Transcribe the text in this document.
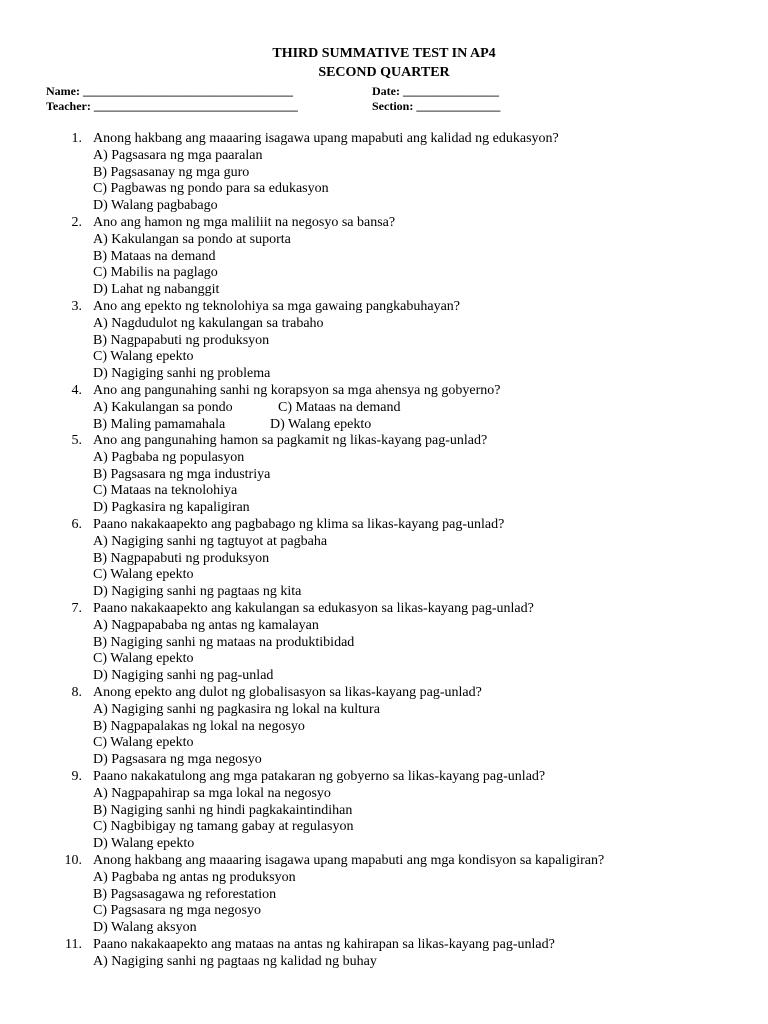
THIRD SUMMATIVE TEST IN AP4
SECOND QUARTER
Name: ___________________________________	Date: ________________
Teacher: __________________________________	Section: ______________
1. Anong hakbang ang maaaring isagawa upang mapabuti ang kalidad ng edukasyon?
A) Pagsasara ng mga paaralan
B) Pagsasanay ng mga guro
C) Pagbawas ng pondo para sa edukasyon
D) Walang pagbabago
2. Ano ang hamon ng mga maliliit na negosyo sa bansa?
A) Kakulangan sa pondo at suporta
B) Mataas na demand
C) Mabilis na paglago
D) Lahat ng nabanggit
3. Ano ang epekto ng teknolohiya sa mga gawaing pangkabuhayan?
A) Nagdudulot ng kakulangan sa trabaho
B) Nagpapabuti ng produksyon
C) Walang epekto
D) Nagiging sanhi ng problema
4. Ano ang pangunahing sanhi ng korapsyon sa mga ahensya ng gobyerno?
A) Kakulangan sa pondo	C) Mataas na demand
B) Maling pamamahala	D) Walang epekto
5. Ano ang pangunahing hamon sa pagkamit ng likas-kayang pag-unlad?
A) Pagbaba ng populasyon
B) Pagsasara ng mga industriya
C) Mataas na teknolohiya
D) Pagkasira ng kapaligiran
6. Paano nakakaapekto ang pagbabago ng klima sa likas-kayang pag-unlad?
A) Nagiging sanhi ng tagtuyot at pagbaha
B) Nagpapabuti ng produksyon
C) Walang epekto
D) Nagiging sanhi ng pagtaas ng kita
7. Paano nakakaapekto ang kakulangan sa edukasyon sa likas-kayang pag-unlad?
A) Nagpapababa ng antas ng kamalayan
B) Nagiging sanhi ng mataas na produktibidad
C) Walang epekto
D) Nagiging sanhi ng pag-unlad
8. Anong epekto ang dulot ng globalisasyon sa likas-kayang pag-unlad?
A) Nagiging sanhi ng pagkasira ng lokal na kultura
B) Nagpapalakas ng lokal na negosyo
C) Walang epekto
D) Pagsasara ng mga negosyo
9. Paano nakakatulong ang mga patakaran ng gobyerno sa likas-kayang pag-unlad?
A) Nagpapahirap sa mga lokal na negosyo
B) Nagiging sanhi ng hindi pagkakaintindihan
C) Nagbibigay ng tamang gabay at regulasyon
D) Walang epekto
10. Anong hakbang ang maaaring isagawa upang mapabuti ang mga kondisyon sa kapaligiran?
A) Pagbaba ng antas ng produksyon
B) Pagsasagawa ng reforestation
C) Pagsasara ng mga negosyo
D) Walang aksyon
11. Paano nakakaapekto ang mataas na antas ng kahirapan sa likas-kayang pag-unlad?
A) Nagiging sanhi ng pagtaas ng kalidad ng buhay
